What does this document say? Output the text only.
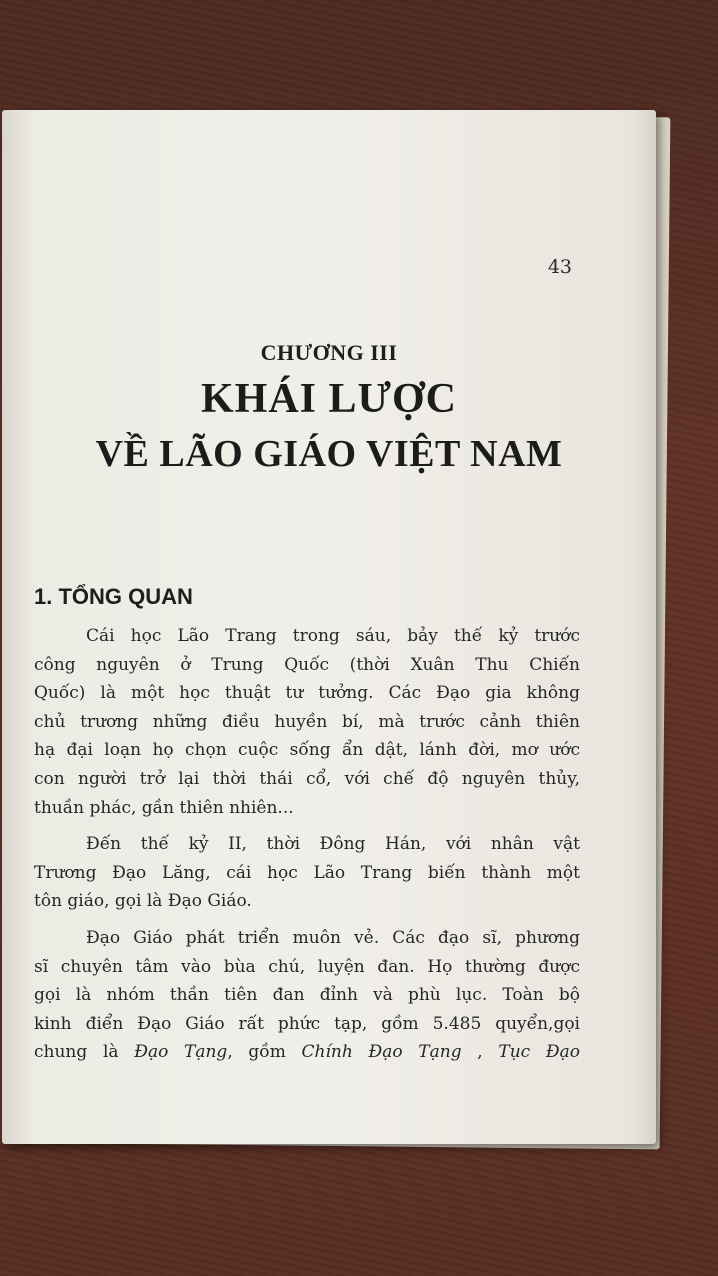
43
CHƯƠNG III
KHÁI LƯỢC
VỀ LÃO GIÁO VIỆT NAM
1. TỔNG QUAN

Cái học Lão Trang trong sáu, bảy thế kỷ trước
công nguyên ở Trung Quốc (thời Xuân Thu Chiến
Quốc) là một học thuật tư tưởng. Các Đạo gia không
chủ trương những điều huyền bí, mà trước cảnh thiên
hạ đại loạn họ chọn cuộc sống ẩn dật, lánh đời, mơ ước
con người trở lại thời thái cổ, với chế độ nguyên thủy,
thuần phác, gần thiên nhiên...

Đến thế kỷ II, thời Đông Hán, với nhân vật
Trương Đạo Lăng, cái học Lão Trang biến thành một
tôn giáo, gọi là Đạo Giáo.

Đạo Giáo phát triển muôn vẻ. Các đạo sĩ, phương
sĩ chuyên tâm vào bùa chú, luyện đan. Họ thường được
gọi là nhóm thần tiên đan đỉnh và phù lục. Toàn bộ
kinh điển Đạo Giáo rất phức tạp, gồm 5.485 quyển,gọi
chung là Đạo Tạng, gồm Chính Đạo Tạng , Tục Đạo
